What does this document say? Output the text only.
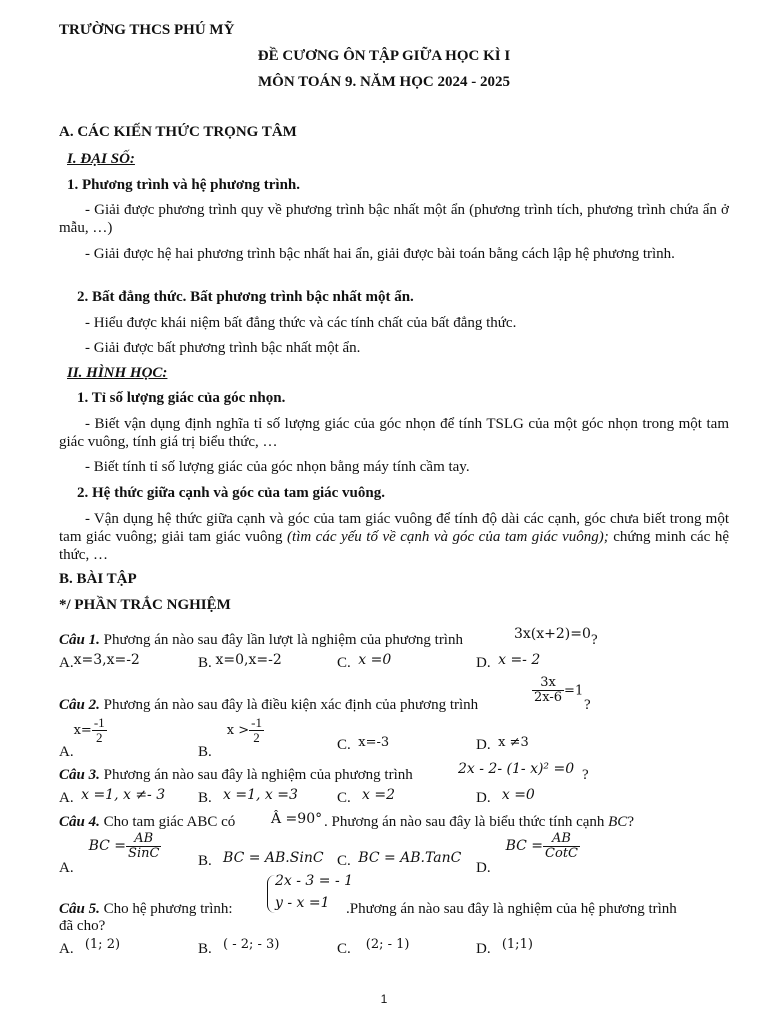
TRƯỜNG THCS PHÚ MỸ
ĐỀ CƯƠNG ÔN TẬP GIỮA HỌC KÌ I
MÔN TOÁN 9. NĂM HỌC 2024 - 2025
A. CÁC KIẾN THỨC TRỌNG TÂM
I. ĐẠI SỐ:
1. Phương trình và hệ phương trình.
- Giải được phương trình quy về phương trình bậc nhất một ẩn (phương trình tích, phương trình chứa ẩn ở mẫu, …)
- Giải được hệ hai phương trình bậc nhất hai ẩn, giải được bài toán bằng cách lập hệ phương trình.
2. Bất đẳng thức. Bất phương trình bậc nhất một ẩn.
- Hiểu được khái niệm bất đẳng thức và các tính chất của bất đẳng thức.
- Giải được bất phương trình bậc nhất một ẩn.
II. HÌNH HỌC:
1. Tỉ số lượng giác của góc nhọn.
- Biết vận dụng định nghĩa tỉ số lượng giác của góc nhọn để tính TSLG của một góc nhọn trong một tam giác vuông, tính giá trị biểu thức, …
- Biết tính tỉ số lượng giác của góc nhọn bằng máy tính cầm tay.
2. Hệ thức giữa cạnh và góc của tam giác vuông.
- Vận dụng hệ thức giữa cạnh và góc của tam giác vuông để tính độ dài các cạnh, góc chưa biết trong một tam giác vuông; giải tam giác vuông (tìm các yếu tố về cạnh và góc của tam giác vuông); chứng minh các hệ thức, …
B. BÀI TẬP
*/ PHẦN TRẮC NGHIỆM
Câu 1. Phương án nào sau đây lần lượt là nghiệm của phương trình	3x(x+2)=0 ?
A.x=3,x=-2	B. x=0,x=-2	C. x =0	D. x =- 2
Câu 2. Phương án nào sau đây là điều kiện xác định của phương trình	$\frac{3x}{2x-6} =1$
?
$A.x= \frac{-1}{2}$
B.    $x > \frac{-1}{2}$	C. x=-3	D. x ≠3
Câu 3. Phương án nào sau đây là nghiệm của phương trình	2x - 2- (1- x)² =0 ?
A. x =1, x ≠- 3 B. x =1, x =3	C. x =2	D. x =0
Câu 4. Cho tam giác ABC có	Â =90° . Phương án nào sau đây là biểu thức tính cạnh BC?
A.    BC = $\frac{AB}{\text{SinC}} B$. BC = AB.SinC C. BC = AB.TanC
D.    BC = $\frac{AB}{\text{CotC}}$
Câu 5. Cho hệ phương trình:
2x - 3 = - 1
y - x =1 .Phương án nào sau đây là nghiệm của hệ phương trình
đã cho?
A. (1; 2)	B. ( - 2; - 3)	C. (2; - 1)	D. (1;1)
1
